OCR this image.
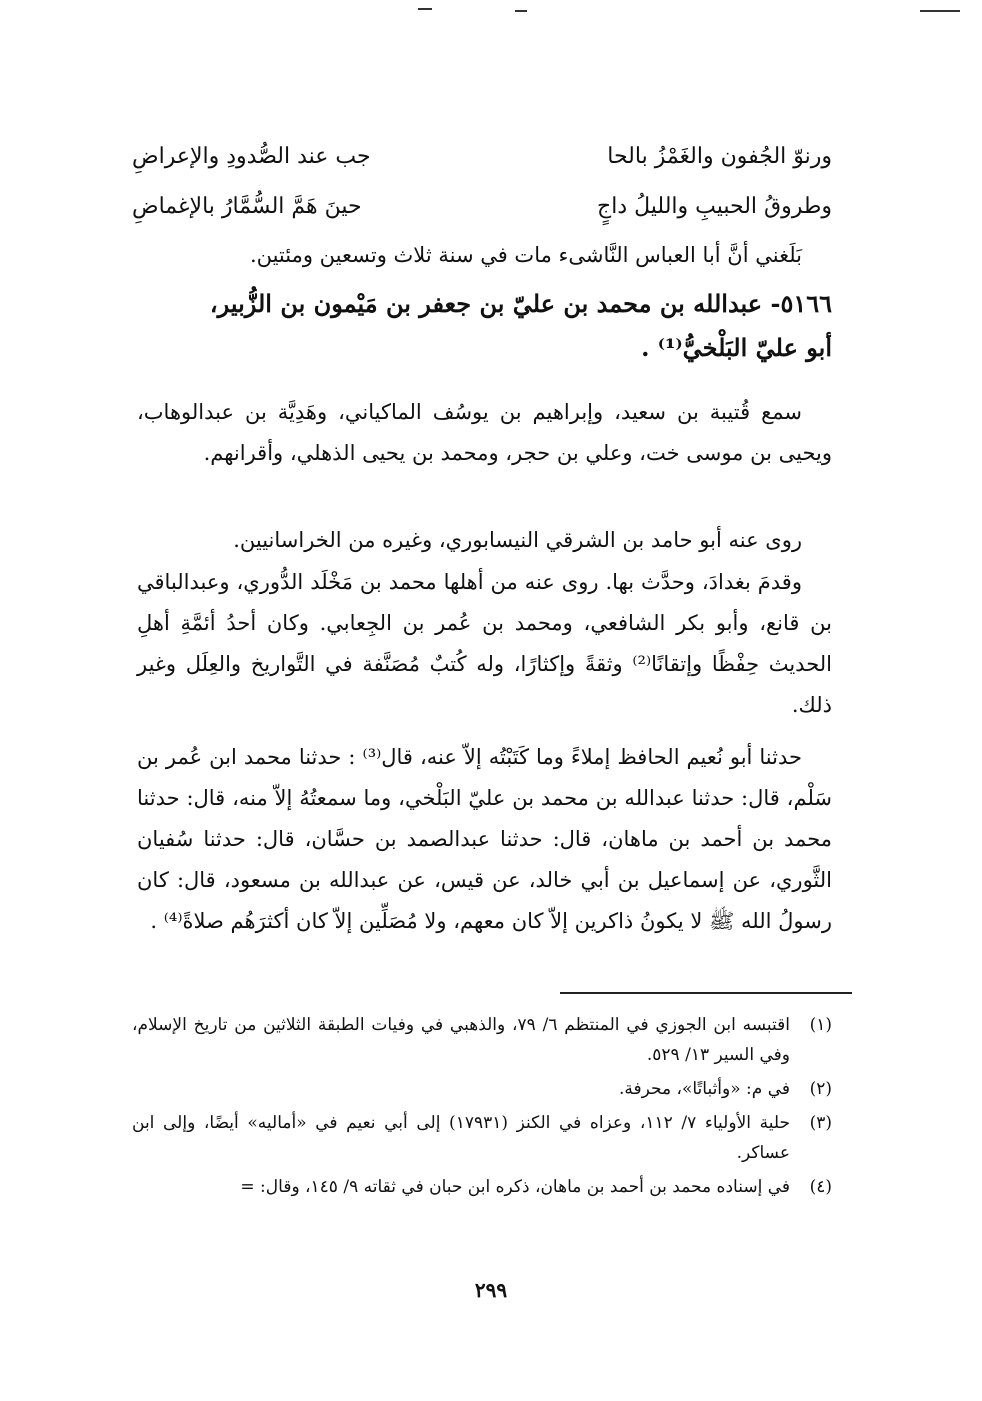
ورنوّ الجُفون والغَمْزُ بالحا
جب عند الصُّدودِ والإعراضِ
وطروقُ الحبيبِ والليلُ داجٍ
حينَ هَمَّ السُّمَّارُ بالإغماضِ
بَلَغني أنَّ أبا العباس النَّاشىء مات في سنة ثلاث وتسعين ومئتين.
٥١٦٦- عبدالله بن محمد بن عليّ بن جعفر بن مَيْمون بن الزُّبير،
أبو عليّ البَلْخيُّ⁽¹⁾ .

سمع قُتيبة بن سعيد، وإبراهيم بن يوسُف الماكياني، وهَدِيَّة بن عبدالوهاب، ويحيى بن موسى خت، وعلي بن حجر، ومحمد بن يحيى الذهلي، وأقرانهم.

روى عنه أبو حامد بن الشرقي النيسابوري، وغيره من الخراسانيين.

وقدمَ بغدادَ، وحدَّث بها. روى عنه من أهلها محمد بن مَخْلَد الدُّوري، وعبدالباقي بن قانع، وأبو بكر الشافعي، ومحمد بن عُمر بن الجِعابي. وكان أحدُ أئمَّةِ أهلِ الحديث حِفْظًا وإتقانًا⁽²⁾ وثقةً وإكثارًا، وله كُتبٌ مُصَنَّفة في التَّواريخ والعِلَل وغير ذلك.

حدثنا أبو نُعيم الحافظ إملاءً وما كَتَبْتُه إلاّ عنه، قال⁽³⁾ : حدثنا محمد ابن عُمر بن سَلْم، قال: حدثنا عبدالله بن محمد بن عليّ البَلْخي، وما سمعتُهُ إلاّ منه، قال: حدثنا محمد بن أحمد بن ماهان، قال: حدثنا عبدالصمد بن حسَّان، قال: حدثنا سُفيان الثَّوري، عن إسماعيل بن أبي خالد، عن قيس، عن عبدالله بن مسعود، قال: كان رسولُ الله ﷺ لا يكونُ ذاكرين إلاّ كان معهم، ولا مُصَلِّين إلاّ كان أكثرَهُم صلاةً⁽⁴⁾ .

(١)
اقتبسه ابن الجوزي في المنتظم ٦/ ٧٩، والذهبي في وفيات الطبقة الثلاثين من تاريخ الإسلام، وفي السير ١٣/ ٥٢٩.
(٢)
في م: «وأثباتًا»، محرفة.
(٣)
حلية الأولياء ٧/ ١١٢، وعزاه في الكنز (١٧٩٣١) إلى أبي نعيم في «أماليه» أيضًا، وإلى ابن عساكر.
(٤)
في إسناده محمد بن أحمد بن ماهان، ذكره ابن حبان في ثقاته ٩/ ١٤٥، وقال: =
٢٩٩
